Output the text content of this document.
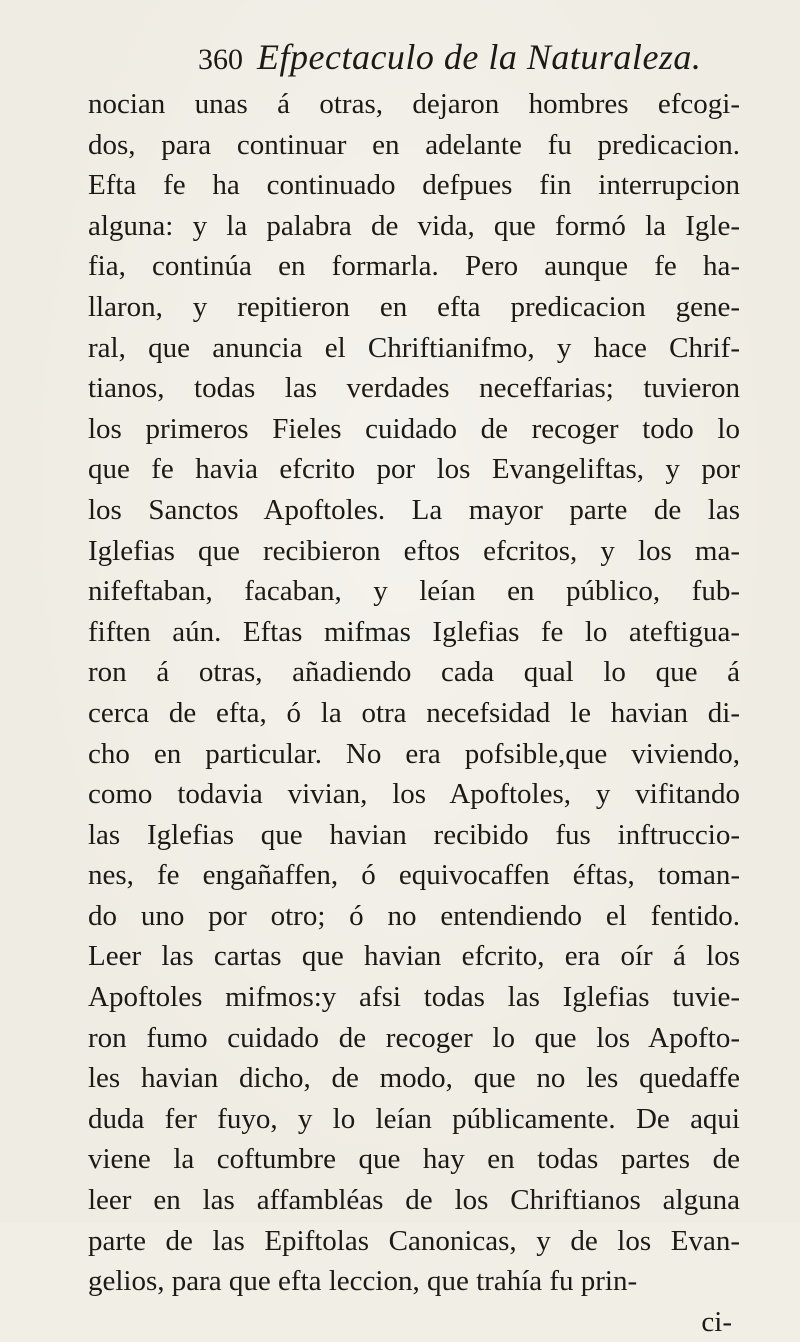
360 Efpectaculo de la Naturaleza.
nocian unas á otras, dejaron hombres efcogi-
dos, para continuar en adelante fu predicacion.
Efta fe ha continuado defpues fin interrupcion
alguna: y la palabra de vida, que formó la Igle-
fia, continúa en formarla. Pero aunque fe ha-
llaron, y repitieron en efta predicacion gene-
ral, que anuncia el Chriftianifmo, y hace Chrif-
tianos, todas las verdades neceffarias; tuvieron
los primeros Fieles cuidado de recoger todo lo
que fe havia efcrito por los Evangeliftas, y por
los Sanctos Apoftoles. La mayor parte de las
Iglefias que recibieron eftos efcritos, y los ma-
nifeftaban, facaban, y leían en público, fub-
fiften aún. Eftas mifmas Iglefias fe lo ateftigua-
ron á otras, añadiendo cada qual lo que á
cerca de efta, ó la otra necefsidad le havian di-
cho en particular. No era pofsible,que viviendo,
como todavia vivian, los Apoftoles, y vifitando
las Iglefias que havian recibido fus inftruccio-
nes, fe engañaffen, ó equivocaffen éftas, toman-
do uno por otro; ó no entendiendo el fentido.
Leer las cartas que havian efcrito, era oír á los
Apoftoles mifmos:y afsi todas las Iglefias tuvie-
ron fumo cuidado de recoger lo que los Apofto-
les havian dicho, de modo, que no les quedaffe
duda fer fuyo, y lo leían públicamente. De aqui
viene la coftumbre que hay en todas partes de
leer en las affambléas de los Chriftianos alguna
parte de las Epiftolas Canonicas, y de los Evan-
gelios, para que efta leccion, que trahía fu prin-
ci-
